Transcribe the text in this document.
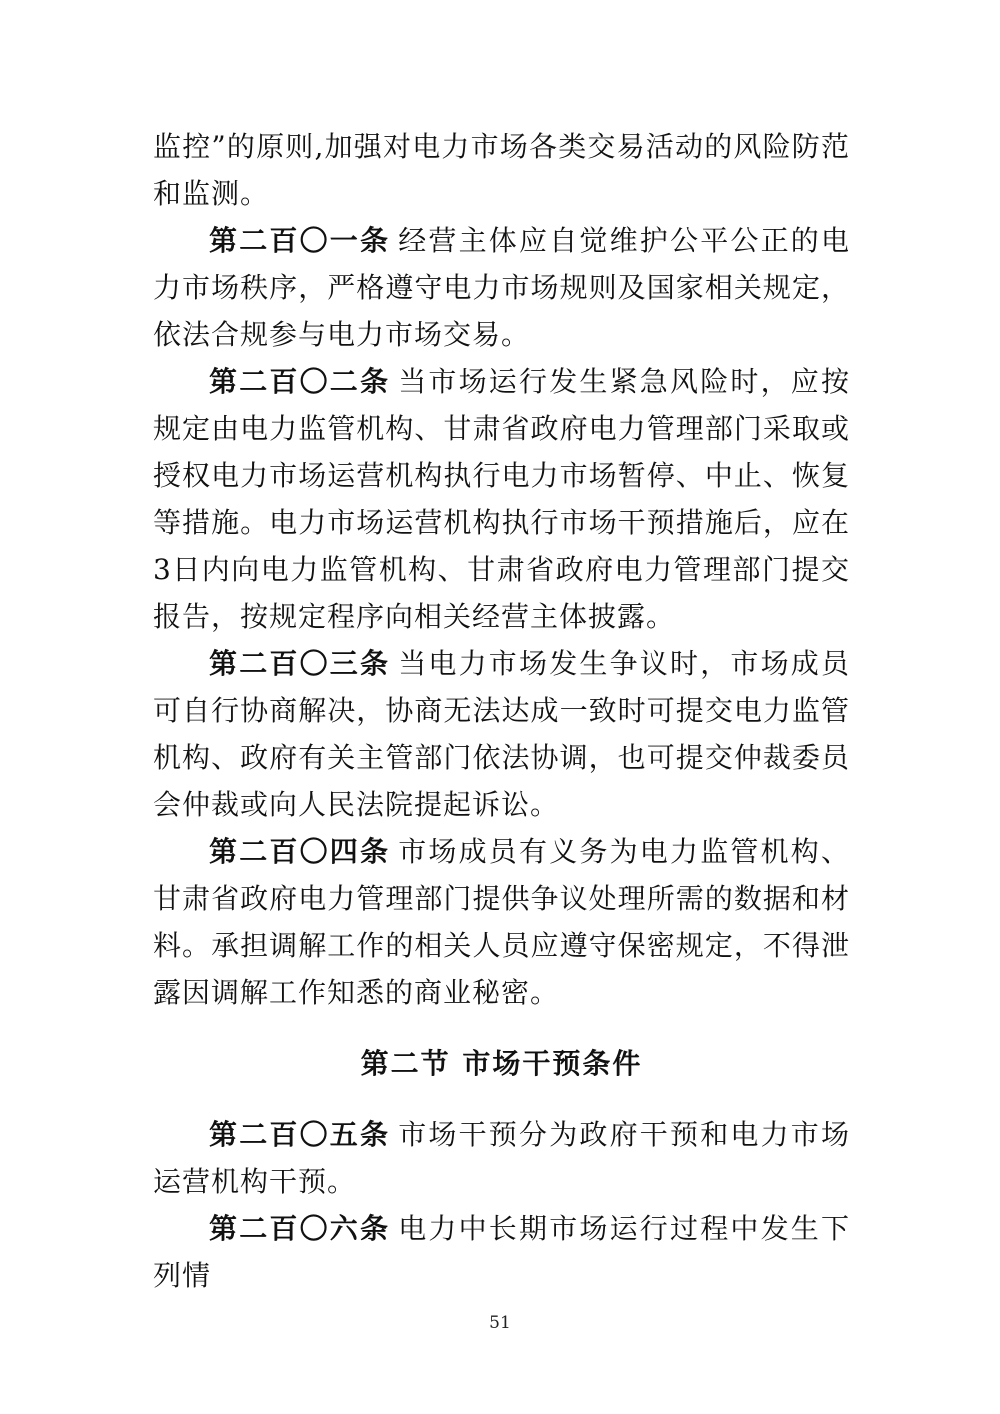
监控”的原则,加强对电力市场各类交易活动的风险防范和监测。

第二百〇一条 经营主体应自觉维护公平公正的电力市场秩序，严格遵守电力市场规则及国家相关规定，依法合规参与电力市场交易。

第二百〇二条 当市场运行发生紧急风险时，应按规定由电力监管机构、甘肃省政府电力管理部门采取或授权电力市场运营机构执行电力市场暂停、中止、恢复等措施。电力市场运营机构执行市场干预措施后，应在3日内向电力监管机构、甘肃省政府电力管理部门提交报告，按规定程序向相关经营主体披露。

第二百〇三条 当电力市场发生争议时，市场成员可自行协商解决，协商无法达成一致时可提交电力监管机构、政府有关主管部门依法协调，也可提交仲裁委员会仲裁或向人民法院提起诉讼。

第二百〇四条 市场成员有义务为电力监管机构、甘肃省政府电力管理部门提供争议处理所需的数据和材料。承担调解工作的相关人员应遵守保密规定，不得泄露因调解工作知悉的商业秘密。

第二节 市场干预条件

第二百〇五条 市场干预分为政府干预和电力市场运营机构干预。

第二百〇六条 电力中长期市场运行过程中发生下列情

51
